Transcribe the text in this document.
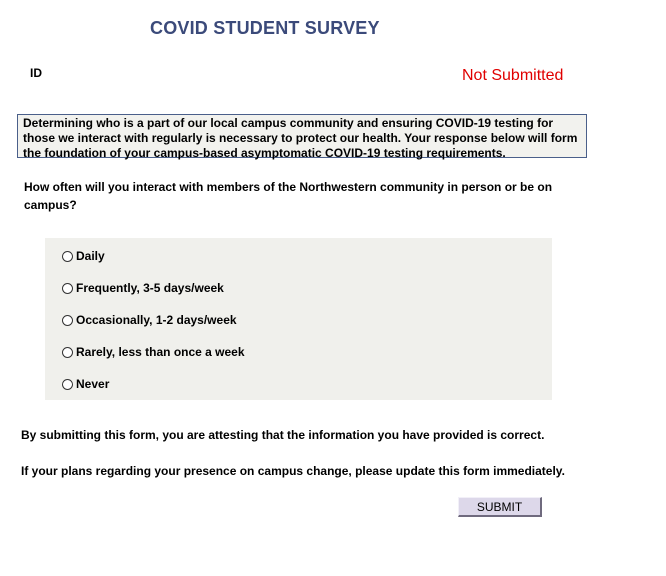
COVID STUDENT SURVEY
ID	Not Submitted
Determining who is a part of our local campus community and ensuring COVID-19 testing for those we interact with regularly is necessary to protect our health. Your response below will form the foundation of your campus-based asymptomatic COVID-19 testing requirements.
How often will you interact with members of the Northwestern community in person or be on campus?
Daily
Frequently, 3-5 days/week
Occasionally, 1-2 days/week
Rarely, less than once a week
Never
By submitting this form, you are attesting that the information you have provided is correct.
If your plans regarding your presence on campus change, please update this form immediately.
SUBMIT
